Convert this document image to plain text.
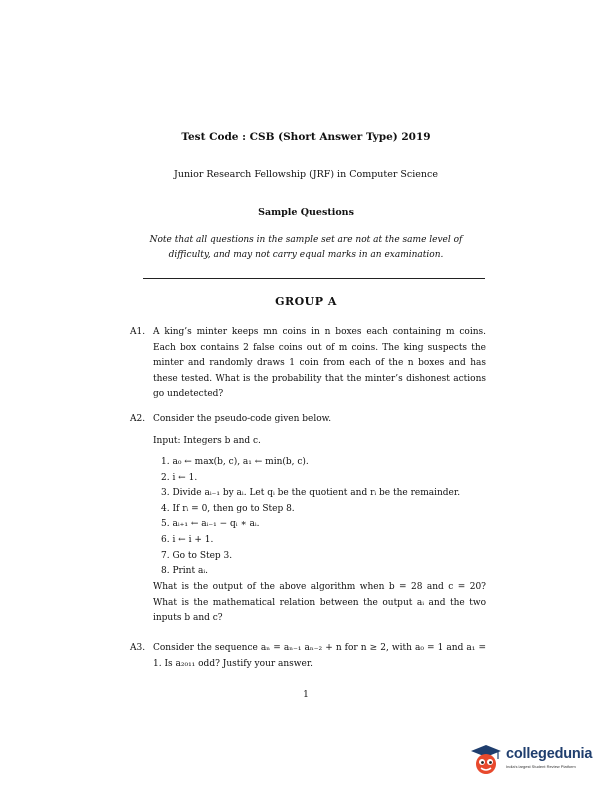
Test Code : CSB (Short Answer Type) 2019
Junior Research Fellowship (JRF) in Computer Science
Sample Questions
Note that all questions in the sample set are not at the same level of difficulty, and may not carry equal marks in an examination.
GROUP A
A1. A king’s minter keeps mn coins in n boxes each containing m coins. Each box contains 2 false coins out of m coins. The king suspects the minter and randomly draws 1 coin from each of the n boxes and has these tested. What is the probability that the minter’s dishonest actions go undetected?
A2. Consider the pseudo-code given below.
Input: Integers b and c.
1. a₀ ← max(b, c), a₁ ← min(b, c).
2. i ← 1.
3. Divide aᵢ₋₁ by aᵢ. Let qᵢ be the quotient and rᵢ be the remainder.
4. If rᵢ = 0, then go to Step 8.
5. aᵢ₊₁ ← aᵢ₋₁ − qᵢ ∗ aᵢ.
6. i ← i + 1.
7. Go to Step 3.
8. Print aᵢ.
What is the output of the above algorithm when b = 28 and c = 20? What is the mathematical relation between the output aᵢ and the two inputs b and c?
A3. Consider the sequence aₙ = aₙ₋₁ aₙ₋₂ + n for n ≥ 2, with a₀ = 1 and a₁ = 1. Is a₂₀₁₁ odd? Justify your answer.
1
collegedunia
India's largest Student Review Platform
